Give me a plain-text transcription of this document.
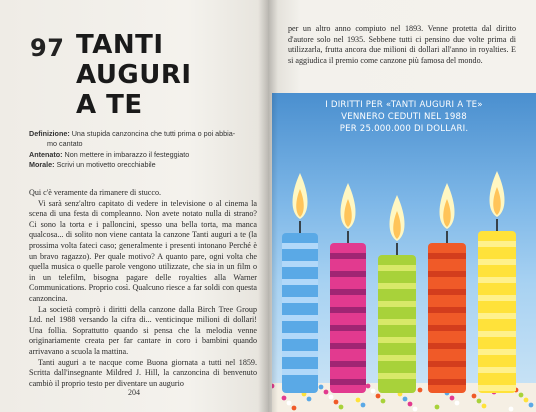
97 TANTI
AUGURI
A TE

Definizione: Una stupida canzoncina che tutti prima o poi abbia-
mo cantato

Antenato: Non mettere in imbarazzo il festeggiato

Morale: Scrivi un motivetto orecchiabile

Qui c'è veramente da rimanere di stucco.

Vi sarà senz'altro capitato di vedere in televisione o al cinema la scena di una festa di compleanno. Non avete notato nulla di strano? Ci sono la torta e i palloncini, spesso una bella torta, ma manca qualcosa... di solito non viene cantata la canzone Tanti auguri a te (la prossima volta fateci caso; generalmente i presenti intonano Perché è un bravo ragazzo). Per quale motivo? A quanto pare, ogni volta che quella musica o quelle parole vengono utilizzate, che sia in un film o in un telefilm, bisogna pagare delle royalties alla Warner Communications. Proprio così. Qualcuno riesce a far soldi con questa canzoncina.

La società comprò i diritti della canzone dalla Birch Tree Group Ltd. nel 1988 versando la cifra di... venticinque milioni di dollari! Una follia. Soprattutto quando si pensa che la melodia venne originariamente creata per far cantare in coro i bambini quando arrivavano a scuola la mattina.

Tanti auguri a te nacque come Buona giornata a tutti nel 1859. Scritta dall'insegnante Mildred J. Hill, la canzoncina di benvenuto cambiò il proprio testo per diventare un augurio

204

per un altro anno compiuto nel 1893. Venne protetta dal diritto d'autore solo nel 1935. Sebbene tutti ci pensino due volte prima di utilizzarla, frutta ancora due milioni di dollari all'anno in royalties. E si aggiudica il premio come canzone più famosa del mondo.

I DIRITTI PER «TANTI AUGURI A TE»
VENNERO CEDUTI NEL 1988
PER 25.000.000 DI DOLLARI.
